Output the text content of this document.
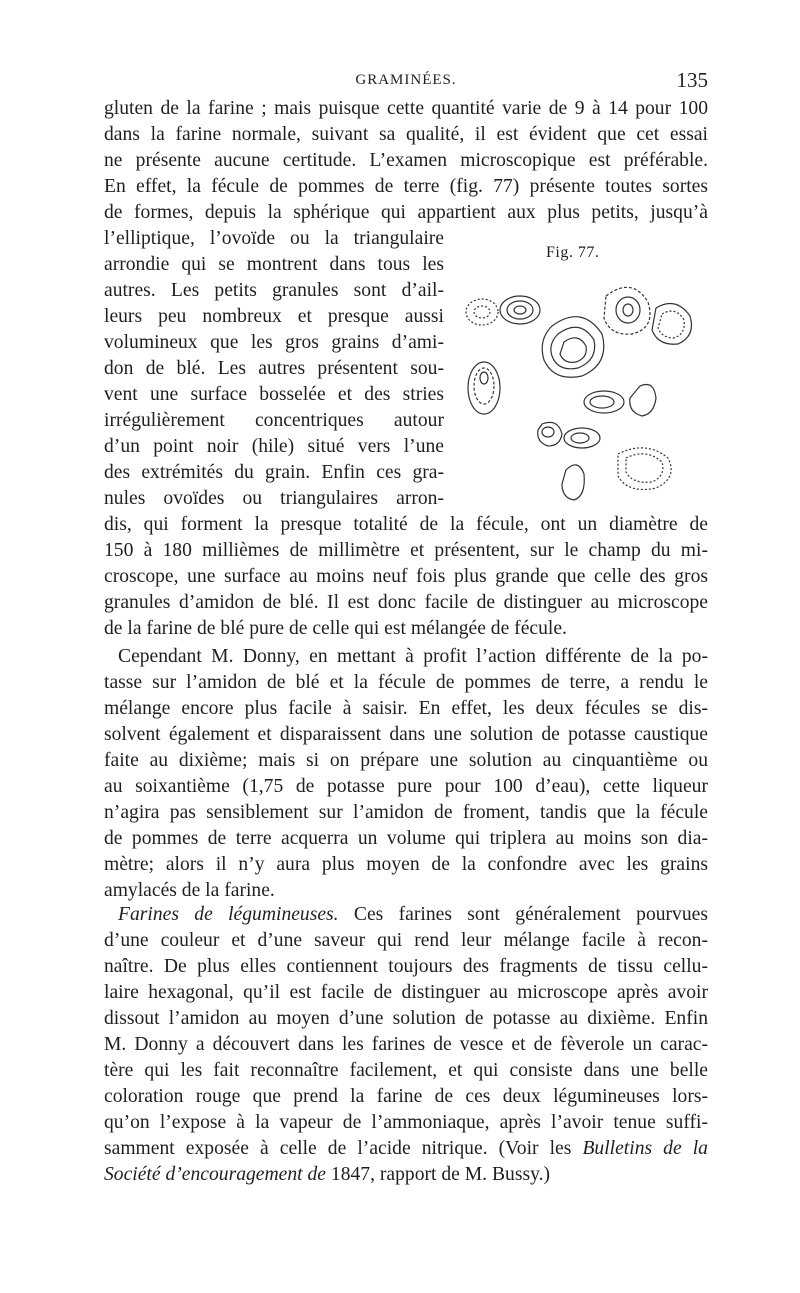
GRAMINÉES.	135
gluten de la farine ; mais puisque cette quantité varie de 9 à 14 pour 100
dans la farine normale, suivant sa qualité, il est évident que cet essai
ne présente aucune certitude. L’examen microscopique est préférable.
En effet, la fécule de pommes de terre (fig. 77) présente toutes sortes
de formes, depuis la sphérique qui appartient aux plus petits, jusqu’à
l’elliptique, l’ovoïde ou la triangulaire
arrondie qui se montrent dans tous les
autres. Les petits granules sont d’ail-
leurs peu nombreux et presque aussi
volumineux que les gros grains d’ami-
don de blé. Les autres présentent sou-
vent une surface bosselée et des stries
irrégulièrement concentriques autour
d’un point noir (hile) situé vers l’une
des extrémités du grain. Enfin ces gra-
nules ovoïdes ou triangulaires arron-
dis, qui forment la presque totalité de la fécule, ont un diamètre de
150 à 180 millièmes de millimètre et présentent, sur le champ du mi-
croscope, une surface au moins neuf fois plus grande que celle des gros
granules d’amidon de blé. Il est donc facile de distinguer au microscope
de la farine de blé pure de celle qui est mélangée de fécule.
Cependant M. Donny, en mettant à profit l’action différente de la po-
tasse sur l’amidon de blé et la fécule de pommes de terre, a rendu le
mélange encore plus facile à saisir. En effet, les deux fécules se dis-
solvent également et disparaissent dans une solution de potasse caustique
faite au dixième; mais si on prépare une solution au cinquantième ou
au soixantième (1,75 de potasse pure pour 100 d’eau), cette liqueur
n’agira pas sensiblement sur l’amidon de froment, tandis que la fécule
de pommes de terre acquerra un volume qui triplera au moins son dia-
mètre; alors il n’y aura plus moyen de la confondre avec les grains
amylacés de la farine.
Farines de légumineuses. Ces farines sont généralement pourvues
d’une couleur et d’une saveur qui rend leur mélange facile à recon-
naître. De plus elles contiennent toujours des fragments de tissu cellu-
laire hexagonal, qu’il est facile de distinguer au microscope après avoir
dissout l’amidon au moyen d’une solution de potasse au dixième. Enfin
M. Donny a découvert dans les farines de vesce et de fèverole un carac-
tère qui les fait reconnaître facilement, et qui consiste dans une belle
coloration rouge que prend la farine de ces deux légumineuses lors-
qu’on l’expose à la vapeur de l’ammoniaque, après l’avoir tenue suffi-
samment exposée à celle de l’acide nitrique. (Voir les Bulletins de la
Société d’encouragement de 1847, rapport de M. Bussy.)
Fig. 77.
